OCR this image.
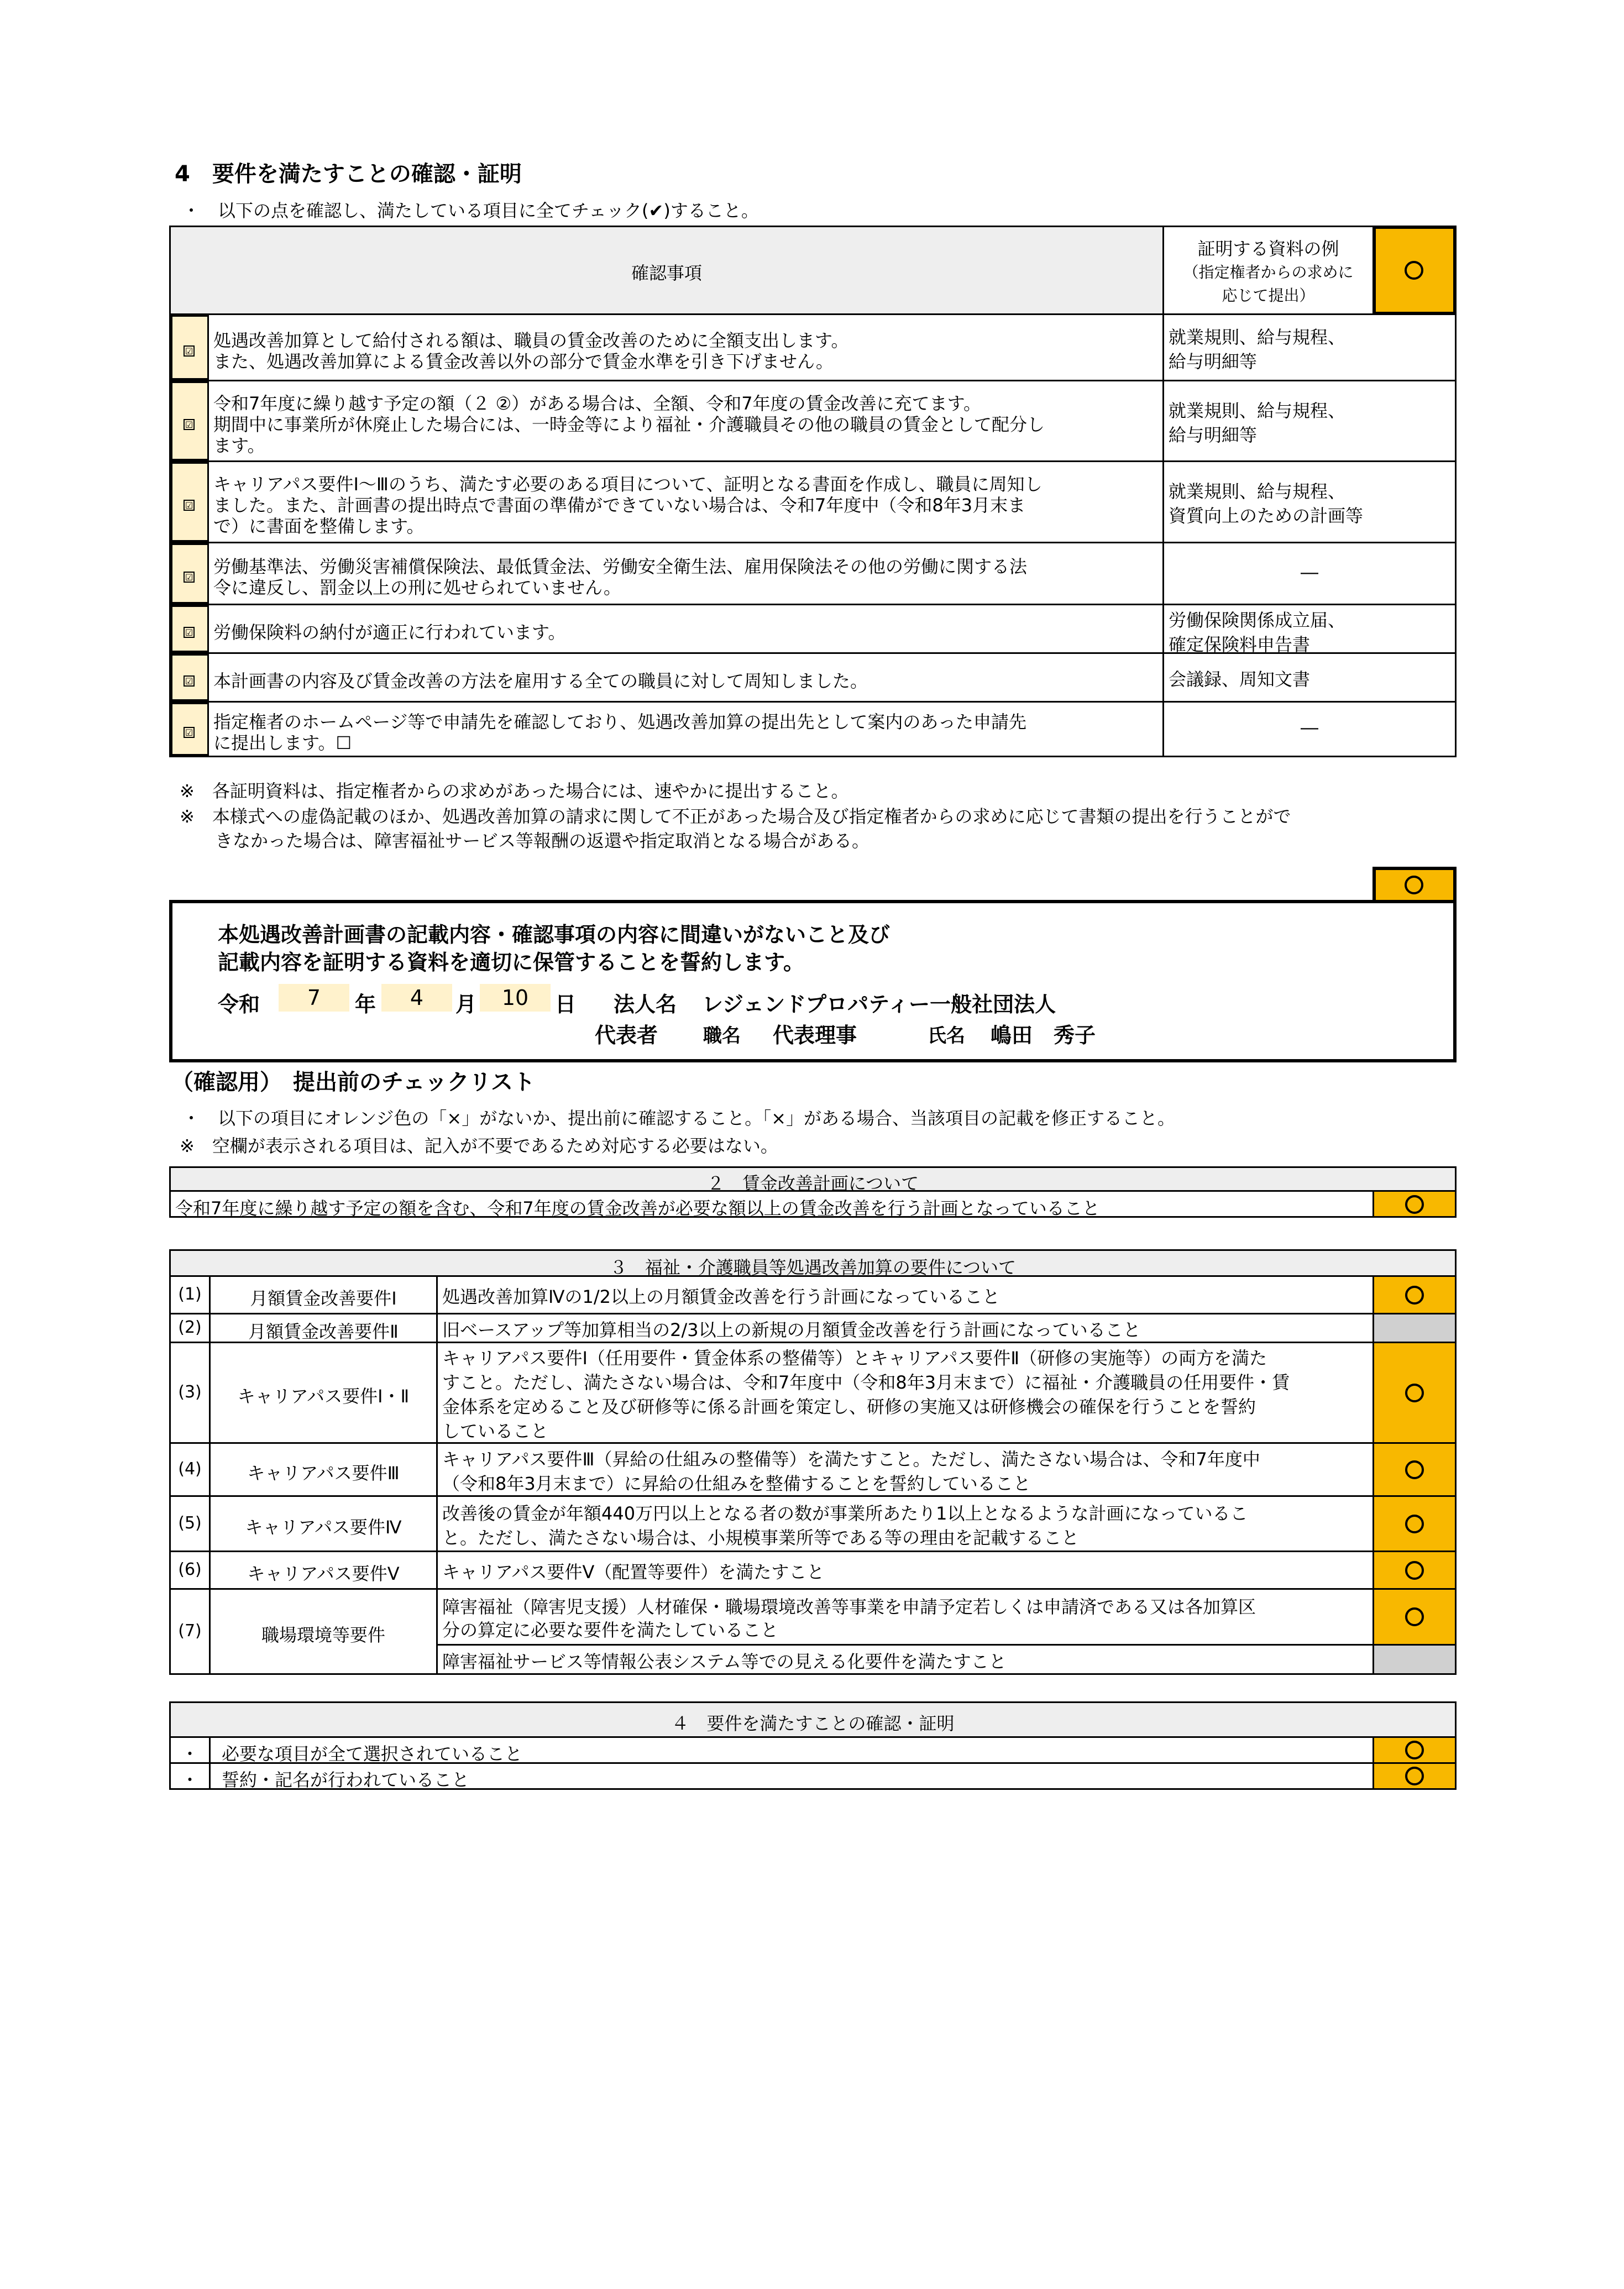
4　要件を満たすことの確認・証明
・　以下の点を確認し、満たしている項目に全てチェック(✔)すること。
確認事項
証明する資料の例
（指定権者からの求めに
応じて提出）
☑
処遇改善加算として給付される額は、職員の賃金改善のために全額支出します。
また、処遇改善加算による賃金改善以外の部分で賃金水準を引き下げません。
就業規則、給与規程、
給与明細等
☑
令和7年度に繰り越す予定の額（２ ②）がある場合は、全額、令和7年度の賃金改善に充てます。
期間中に事業所が休廃止した場合には、一時金等により福祉・介護職員その他の職員の賃金として配分し
ます。
就業規則、給与規程、
給与明細等
☑
キャリアパス要件Ⅰ～Ⅲのうち、満たす必要のある項目について、証明となる書面を作成し、職員に周知し
ました。また、計画書の提出時点で書面の準備ができていない場合は、令和7年度中（令和8年3月末ま
で）に書面を整備します。
就業規則、給与規程、
資質向上のための計画等
☑
労働基準法、労働災害補償保険法、最低賃金法、労働安全衛生法、雇用保険法その他の労働に関する法
令に違反し、罰金以上の刑に処せられていません。
―
☑ 労働保険料の納付が適正に行われています。
労働保険関係成立届、
確定保険料申告書
☑ 本計画書の内容及び賃金改善の方法を雇用する全ての職員に対して周知しました。	会議録、周知文書
☑
指定権者のホームページ等で申請先を確認しており、処遇改善加算の提出先として案内のあった申請先
に提出します。☐
―
※　各証明資料は、指定権者からの求めがあった場合には、速やかに提出すること。
※　本様式への虚偽記載のほか、処遇改善加算の請求に関して不正があった場合及び指定権者からの求めに応じて書類の提出を行うことがで
　　きなかった場合は、障害福祉サービス等報酬の返還や指定取消となる場合がある。
本処遇改善計画書の記載内容・確認事項の内容に間違いがないこと及び
記載内容を証明する資料を適切に保管することを誓約します。
令和	7	年	4	月	10	日 法人名 レジェンドプロパティー一般社団法人
代表者 職名 代表理事	氏名 嶋田　秀子
（確認用）　提出前のチェックリスト
・　以下の項目にオレンジ色の「×」がないか、提出前に確認すること。「×」がある場合、当該項目の記載を修正すること。
※　空欄が表示される項目は、記入が不要であるため対応する必要はない。
２　賃金改善計画について
令和7年度に繰り越す予定の額を含む、令和7年度の賃金改善が必要な額以上の賃金改善を行う計画となっていること
３　福祉・介護職員等処遇改善加算の要件について
(1)	月額賃金改善要件Ⅰ	処遇改善加算Ⅳの1/2以上の月額賃金改善を行う計画になっていること
(2)	月額賃金改善要件Ⅱ	旧ベースアップ等加算相当の2/3以上の新規の月額賃金改善を行う計画になっていること
(3)	キャリアパス要件Ⅰ・Ⅱ
キャリアパス要件Ⅰ（任用要件・賃金体系の整備等）とキャリアパス要件Ⅱ（研修の実施等）の両方を満た
すこと。ただし、満たさない場合は、令和7年度中（令和8年3月末まで）に福祉・介護職員の任用要件・賃
金体系を定めること及び研修等に係る計画を策定し、研修の実施又は研修機会の確保を行うことを誓約
していること
(4)	キャリアパス要件Ⅲ
キャリアパス要件Ⅲ（昇給の仕組みの整備等）を満たすこと。ただし、満たさない場合は、令和7年度中
（令和8年3月末まで）に昇給の仕組みを整備することを誓約していること
(5)	キャリアパス要件Ⅳ
改善後の賃金が年額440万円以上となる者の数が事業所あたり1以上となるような計画になっているこ
と。ただし、満たさない場合は、小規模事業所等である等の理由を記載すること
(6)	キャリアパス要件Ⅴ	キャリアパス要件Ⅴ（配置等要件）を満たすこと
(7)	職場環境等要件
障害福祉（障害児支援）人材確保・職場環境改善等事業を申請予定若しくは申請済である又は各加算区
分の算定に必要な要件を満たしていること
障害福祉サービス等情報公表システム等での見える化要件を満たすこと
４　要件を満たすことの確認・証明
・	必要な項目が全て選択されていること
・	誓約・記名が行われていること
